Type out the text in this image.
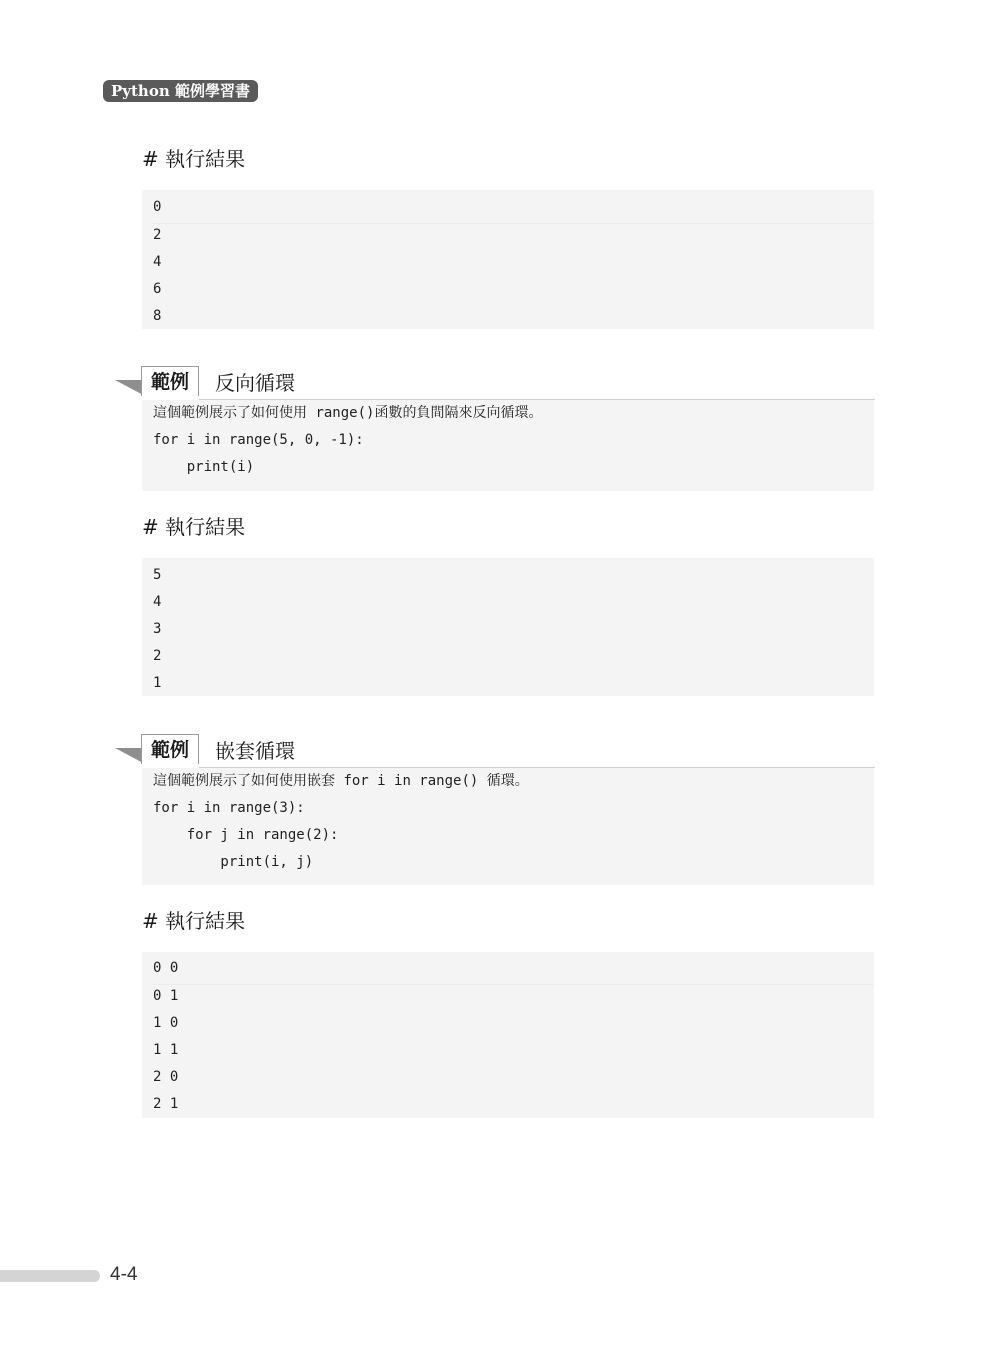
Python 範例學習書
# 執行結果
0
2
4
6
8
範例	反向循環
這個範例展示了如何使用 range()函數的負間隔來反向循環。
for i in range(5, 0, -1):
print(i)
# 執行結果
5
4
3
2
1
範例	嵌套循環
這個範例展示了如何使用嵌套 for i in range() 循環。
for i in range(3):
for j in range(2):
print(i, j)
# 執行結果
0 0
0 1
1 0
1 1
2 0
2 1
4-4
